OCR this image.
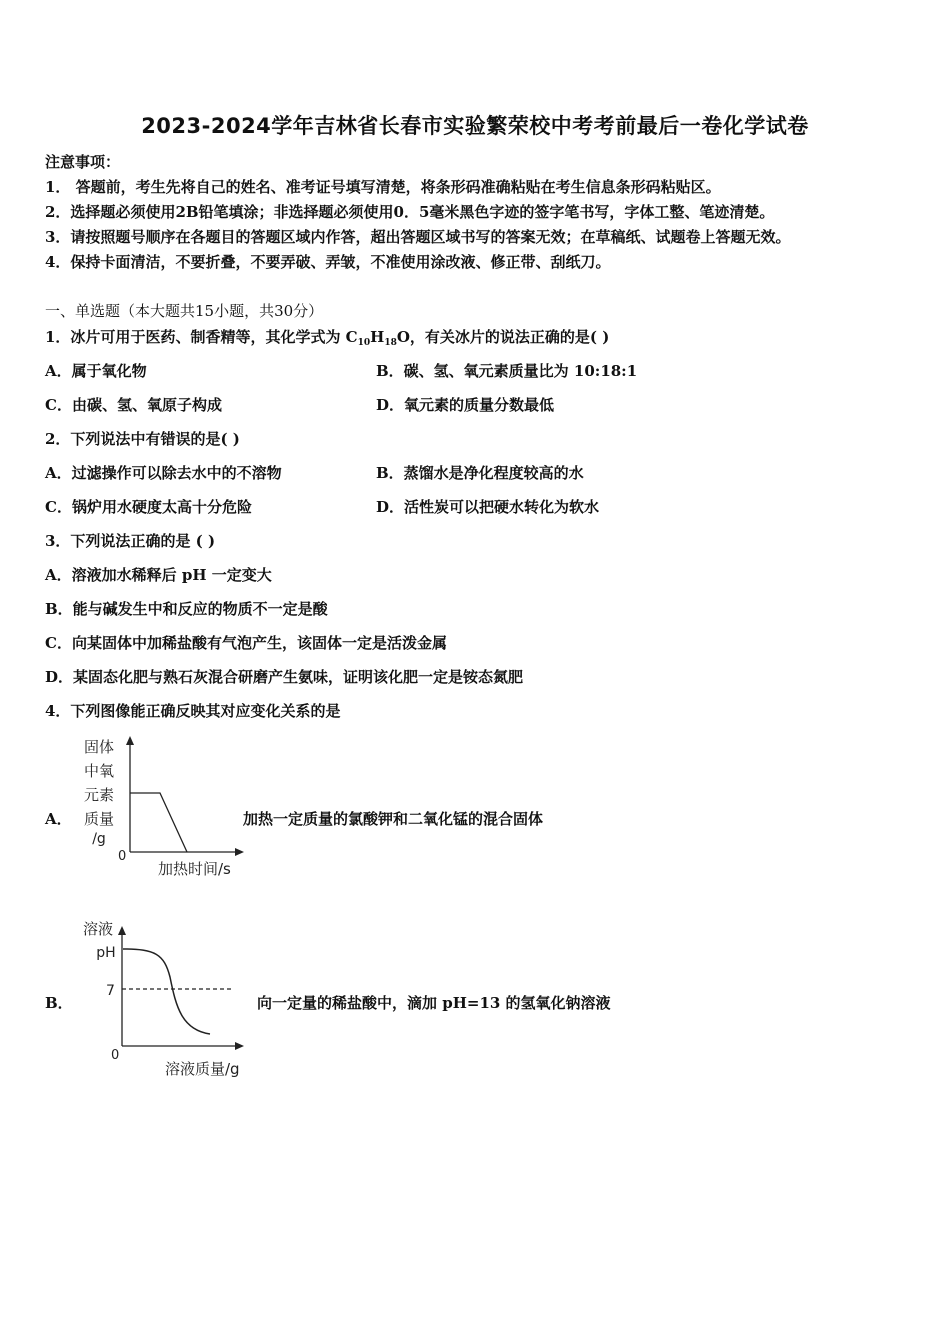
2023-2024学年吉林省长春市实验繁荣校中考考前最后一卷化学试卷
注意事项：
1． 答题前，考生先将自己的姓名、准考证号填写清楚，将条形码准确粘贴在考生信息条形码粘贴区。
2．选择题必须使用2B铅笔填涂；非选择题必须使用0．5毫米黑色字迹的签字笔书写，字体工整、笔迹清楚。
3．请按照题号顺序在各题目的答题区域内作答，超出答题区域书写的答案无效；在草稿纸、试题卷上答题无效。
4．保持卡面清洁，不要折叠，不要弄破、弄皱，不准使用涂改液、修正带、刮纸刀。
一、单选题（本大题共15小题，共30分）
1．冰片可用于医药、制香精等，其化学式为 $C_{10}H_{18}O$，有关冰片的说法正确的是( )
A．属于氧化物	B．碳、氢、氧元素质量比为 10:18:1
C．由碳、氢、氧原子构成	D．氧元素的质量分数最低
2．下列说法中有错误的是( )
A．过滤操作可以除去水中的不溶物	B．蒸馏水是净化程度较高的水
C．锅炉用水硬度太高十分危险	D．活性炭可以把硬水转化为软水
3．下列说法正确的是 ( )
A．溶液加水稀释后 pH 一定变大
B．能与碱发生中和反应的物质不一定是酸
C．向某固体中加稀盐酸有气泡产生，该固体一定是活泼金属
D．某固态化肥与熟石灰混合研磨产生氨味，证明该化肥一定是铵态氮肥
4．下列图像能正确反映其对应变化关系的是
A．
固体
中氧
元素
质量
/g
0
加热时间/s
加热一定质量的氯酸钾和二氧化锰的混合固体
B．
溶液
pH
7
0
溶液质量/g
向一定量的稀盐酸中，滴加 pH=13 的氢氧化钠溶液
